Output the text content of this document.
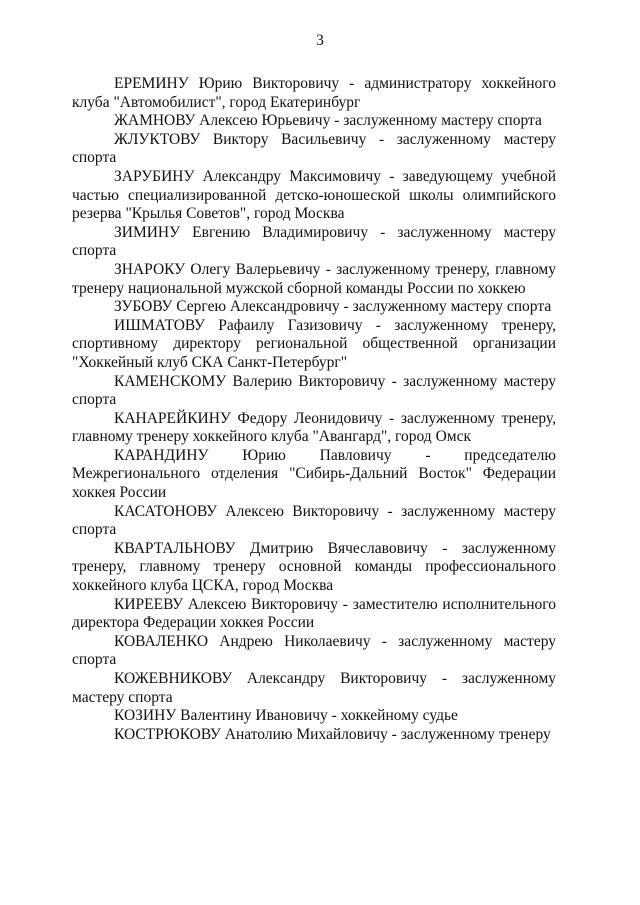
3

ЕРЕМИНУ Юрию Викторовичу - администратору хоккейного клуба "Автомобилист", город Екатеринбург

ЖАМНОВУ Алексею Юрьевичу - заслуженному мастеру спорта

ЖЛУКТОВУ Виктору Васильевичу - заслуженному мастеру спорта

ЗАРУБИНУ Александру Максимовичу - заведующему учебной частью специализированной детско-юношеской школы олимпийского резерва "Крылья Советов", город Москва

ЗИМИНУ Евгению Владимировичу - заслуженному мастеру спорта

ЗНАРОКУ Олегу Валерьевичу - заслуженному тренеру, главному тренеру национальной мужской сборной команды России по хоккею

ЗУБОВУ Сергею Александровичу - заслуженному мастеру спорта

ИШМАТОВУ Рафаилу Газизовичу - заслуженному тренеру, спортивному директору региональной общественной организации "Хоккейный клуб СКА Санкт-Петербург"

КАМЕНСКОМУ Валерию Викторовичу - заслуженному мастеру спорта

КАНАРЕЙКИНУ Федору Леонидовичу - заслуженному тренеру, главному тренеру хоккейного клуба "Авангард", город Омск

КАРАНДИНУ Юрию Павловичу - председателю Межрегионального отделения "Сибирь-Дальний Восток" Федерации хоккея России

КАСАТОНОВУ Алексею Викторовичу - заслуженному мастеру спорта

КВАРТАЛЬНОВУ Дмитрию Вячеславовичу - заслуженному тренеру, главному тренеру основной команды профессионального хоккейного клуба ЦСКА, город Москва

КИРЕЕВУ Алексею Викторовичу - заместителю исполнительного директора Федерации хоккея России

КОВАЛЕНКО Андрею Николаевичу - заслуженному мастеру спорта

КОЖЕВНИКОВУ Александру Викторовичу - заслуженному мастеру спорта

КОЗИНУ Валентину Ивановичу - хоккейному судье

КОСТРЮКОВУ Анатолию Михайловичу - заслуженному тренеру
